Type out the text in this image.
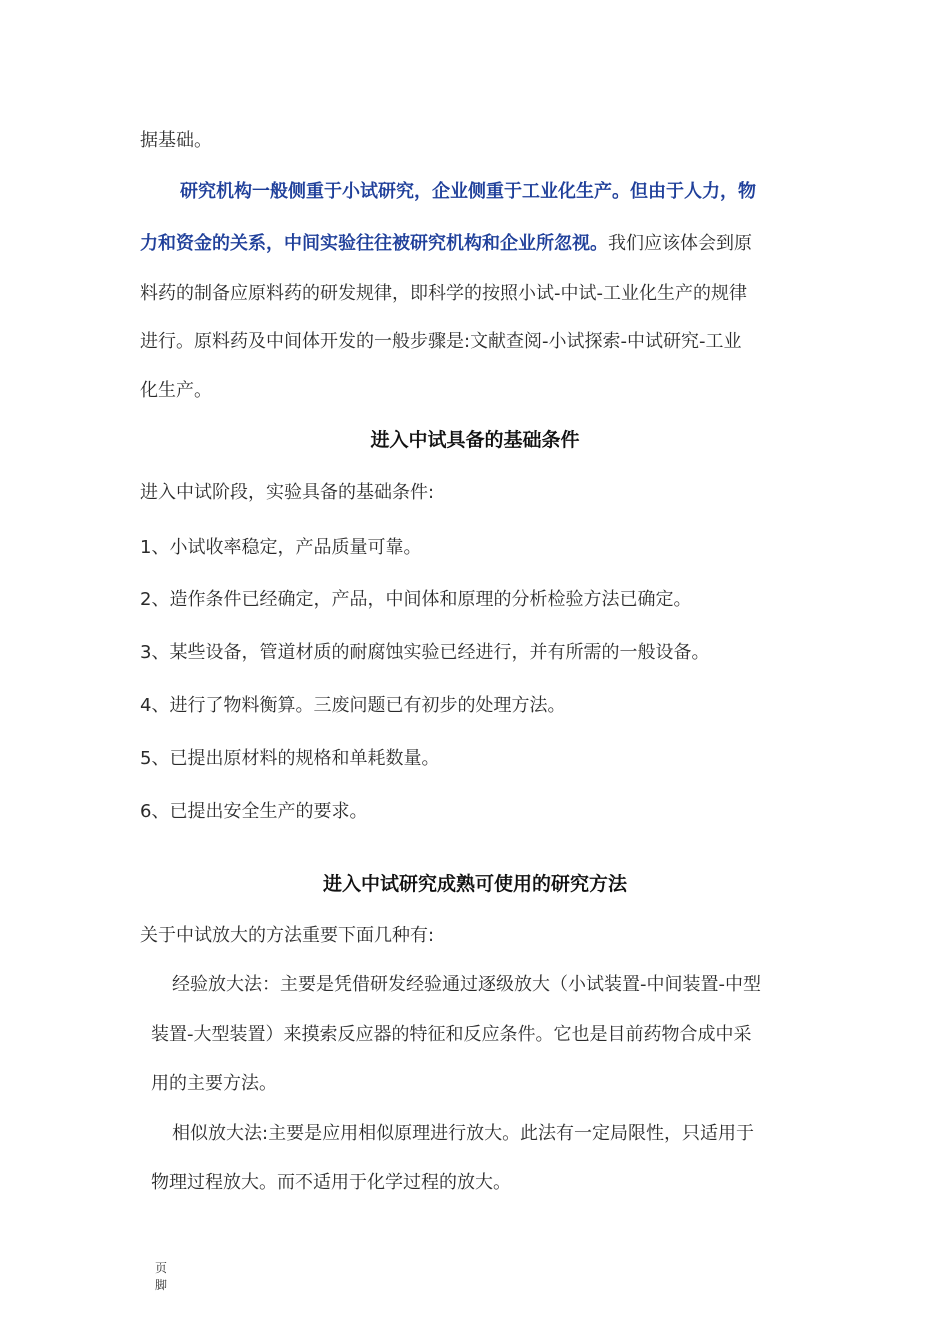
据基础。
研究机构一般侧重于小试研究，企业侧重于工业化生产。但由于人力，物
力和资金的关系，中间实验往往被研究机构和企业所忽视。我们应该体会到原
料药的制备应原料药的研发规律，即科学的按照小试-中试-工业化生产的规律
进行。原料药及中间体开发的一般步骤是:文献查阅-小试探索-中试研究-工业
化生产。
进入中试具备的基础条件
进入中试阶段，实验具备的基础条件:
1、小试收率稳定，产品质量可靠。
2、造作条件已经确定，产品，中间体和原理的分析检验方法已确定。
3、某些设备，管道材质的耐腐蚀实验已经进行，并有所需的一般设备。
4、进行了物料衡算。三废问题已有初步的处理方法。
5、已提出原材料的规格和单耗数量。
6、已提出安全生产的要求。
进入中试研究成熟可使用的研究方法
关于中试放大的方法重要下面几种有:
经验放大法：主要是凭借研发经验通过逐级放大（小试装置-中间装置-中型
装置-大型装置）来摸索反应器的特征和反应条件。它也是目前药物合成中采
用的主要方法。
相似放大法:主要是应用相似原理进行放大。此法有一定局限性，只适用于
物理过程放大。而不适用于化学过程的放大。
页
脚
